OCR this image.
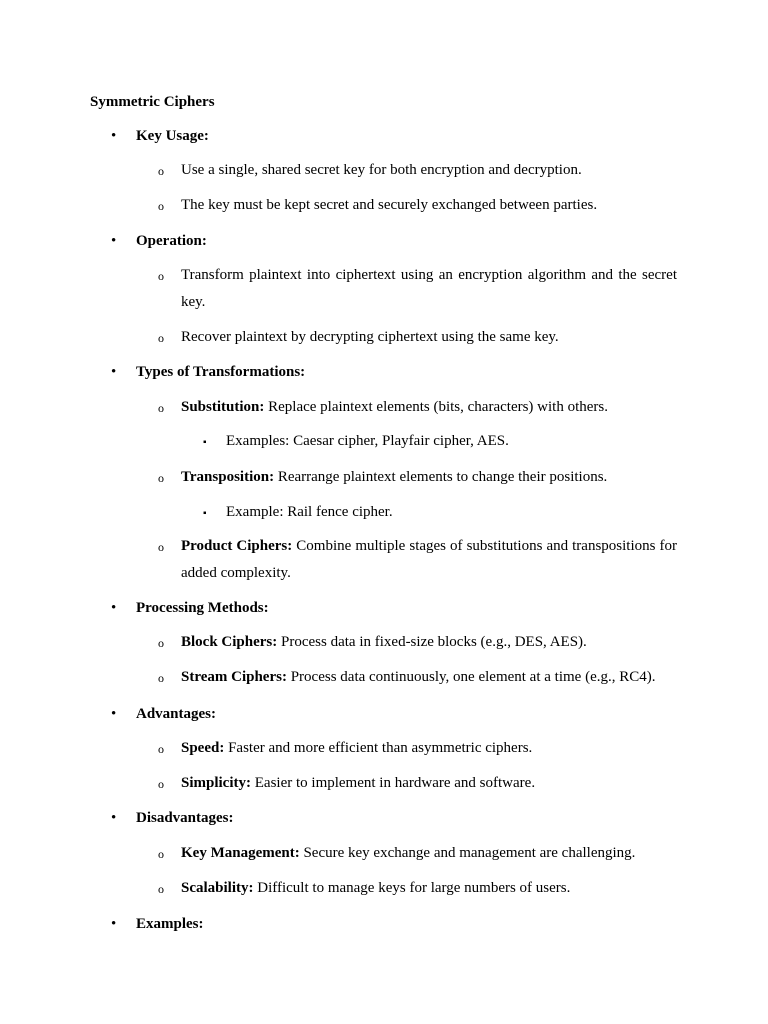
Symmetric Ciphers
• Key Usage:
o Use a single, shared secret key for both encryption and decryption.
o The key must be kept secret and securely exchanged between parties.
• Operation:
o Transform plaintext into ciphertext using an encryption algorithm and the secret key.
o Recover plaintext by decrypting ciphertext using the same key.
• Types of Transformations:
o Substitution: Replace plaintext elements (bits, characters) with others.
▪ Examples: Caesar cipher, Playfair cipher, AES.
o Transposition: Rearrange plaintext elements to change their positions.
▪ Example: Rail fence cipher.
o Product Ciphers: Combine multiple stages of substitutions and transpositions for added complexity.
• Processing Methods:
o Block Ciphers: Process data in fixed-size blocks (e.g., DES, AES).
o Stream Ciphers: Process data continuously, one element at a time (e.g., RC4).
• Advantages:
o Speed: Faster and more efficient than asymmetric ciphers.
o Simplicity: Easier to implement in hardware and software.
• Disadvantages:
o Key Management: Secure key exchange and management are challenging.
o Scalability: Difficult to manage keys for large numbers of users.
• Examples:
